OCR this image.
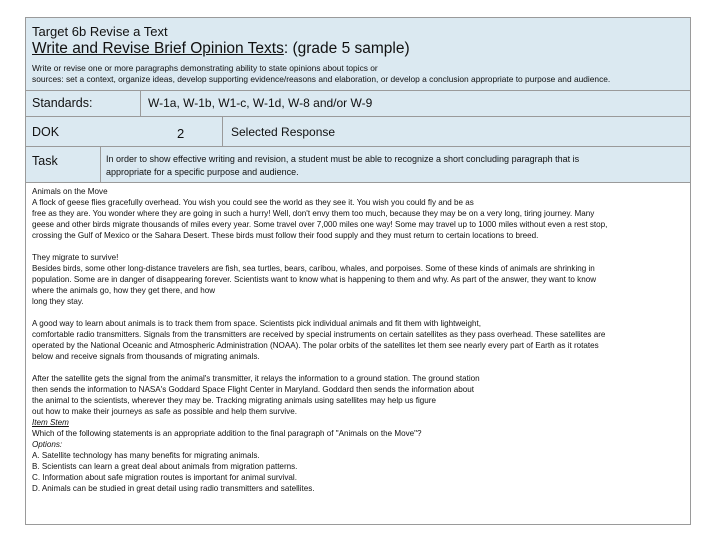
Target 6b Revise a Text
Write and Revise Brief Opinion Texts: (grade 5 sample)
Write or revise one or more paragraphs demonstrating ability to state opinions about topics or
sources: set a context, organize ideas, develop supporting evidence/reasons and elaboration, or develop a conclusion appropriate to purpose and audience.
Standards:	W-1a, W-1b, W1-c, W-1d, W-8 and/or W-9
DOK	2	Selected Response
Task	In order to show effective writing and revision, a student must be able to recognize a short concluding paragraph that is
appropriate for a specific purpose and audience.

Animals on the Move
A flock of geese flies gracefully overhead. You wish you could see the world as they see it. You wish you could fly and be as
free as they are. You wonder where they are going in such a hurry! Well, don't envy them too much, because they may be on a very long, tiring journey. Many
geese and other birds migrate thousands of miles every year. Some travel over 7,000 miles one way! Some may travel up to 1000 miles without even a rest stop,
crossing the Gulf of Mexico or the Sahara Desert. These birds must follow their food supply and they must return to certain locations to breed.

They migrate to survive!
Besides birds, some other long-distance travelers are fish, sea turtles, bears, caribou, whales, and porpoises. Some of these kinds of animals are shrinking in
population. Some are in danger of disappearing forever. Scientists want to know what is happening to them and why. As part of the answer, they want to know
where the animals go, how they get there, and how
long they stay.

A good way to learn about animals is to track them from space. Scientists pick individual animals and fit them with lightweight,
comfortable radio transmitters. Signals from the transmitters are received by special instruments on certain satellites as they pass overhead. These satellites are
operated by the National Oceanic and Atmospheric Administration (NOAA). The polar orbits of the satellites let them see nearly every part of Earth as it rotates
below and receive signals from thousands of migrating animals.

After the satellite gets the signal from the animal's transmitter, it relays the information to a ground station. The ground station
then sends the information to NASA's Goddard Space Flight Center in Maryland. Goddard then sends the information about
the animal to the scientists, wherever they may be. Tracking migrating animals using satellites may help us figure
out how to make their journeys as safe as possible and help them survive.
Item Stem
Which of the following statements is an appropriate addition to the final paragraph of "Animals on the Move"?
Options:
A. Satellite technology has many benefits for migrating animals.
B. Scientists can learn a great deal about animals from migration patterns.
C. Information about safe migration routes is important for animal survival.
D. Animals can be studied in great detail using radio transmitters and satellites.
